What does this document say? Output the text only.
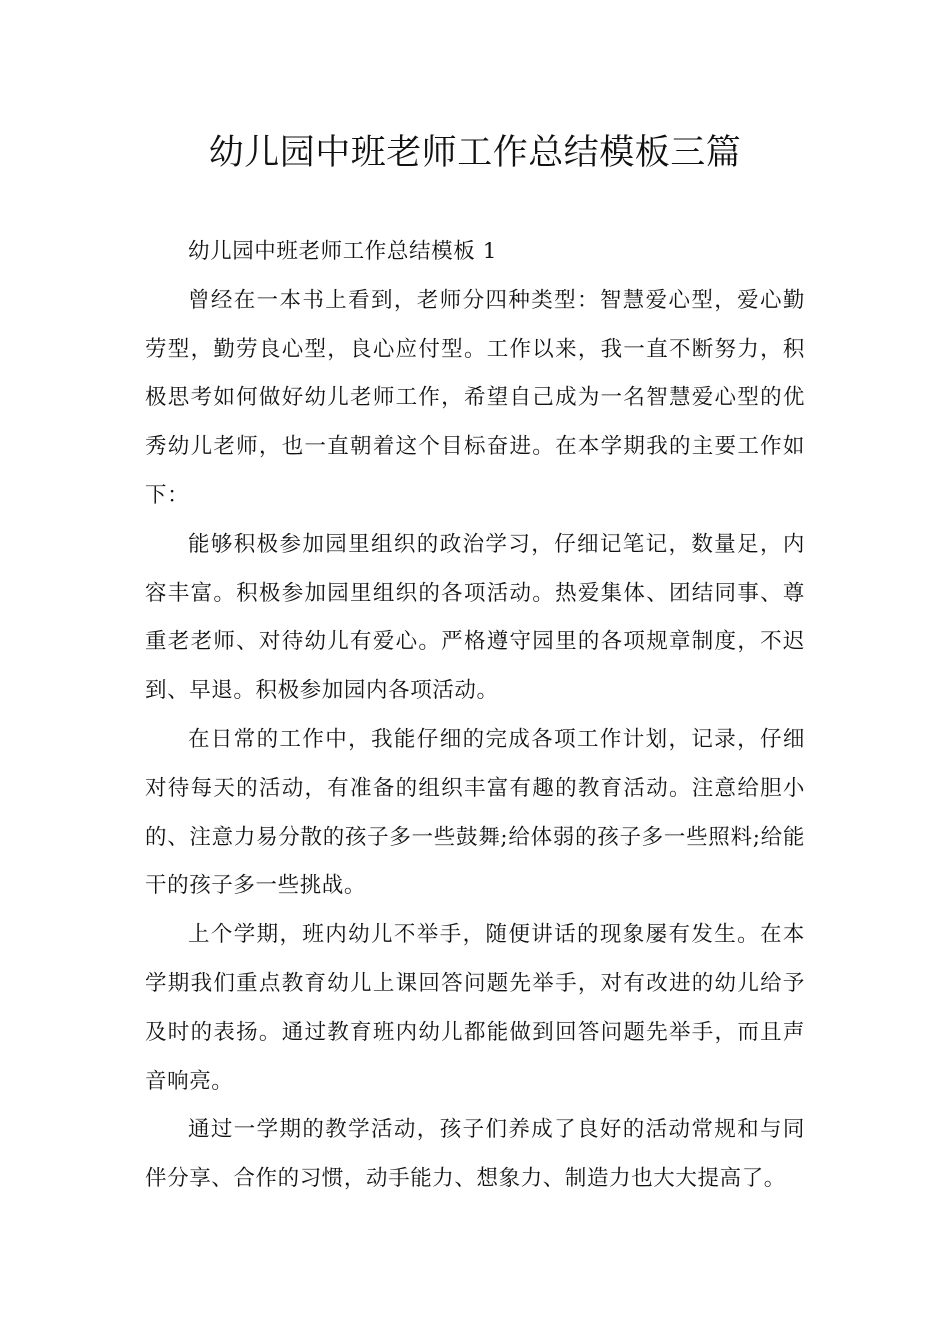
幼儿园中班老师工作总结模板三篇

幼儿园中班老师工作总结模板 1

曾经在一本书上看到，老师分四种类型：智慧爱心型，爱心勤劳型，勤劳良心型，良心应付型。工作以来，我一直不断努力，积极思考如何做好幼儿老师工作，希望自己成为一名智慧爱心型的优秀幼儿老师，也一直朝着这个目标奋进。在本学期我的主要工作如下：

能够积极参加园里组织的政治学习，仔细记笔记，数量足，内容丰富。积极参加园里组织的各项活动。热爱集体、团结同事、尊重老老师、对待幼儿有爱心。严格遵守园里的各项规章制度，不迟到、早退。积极参加园内各项活动。

在日常的工作中，我能仔细的完成各项工作计划，记录，仔细对待每天的活动，有准备的组织丰富有趣的教育活动。注意给胆小的、注意力易分散的孩子多一些鼓舞;给体弱的孩子多一些照料;给能干的孩子多一些挑战。

上个学期，班内幼儿不举手，随便讲话的现象屡有发生。在本学期我们重点教育幼儿上课回答问题先举手，对有改进的幼儿给予及时的表扬。通过教育班内幼儿都能做到回答问题先举手，而且声音响亮。

通过一学期的教学活动，孩子们养成了良好的活动常规和与同伴分享、合作的习惯，动手能力、想象力、制造力也大大提高了。
